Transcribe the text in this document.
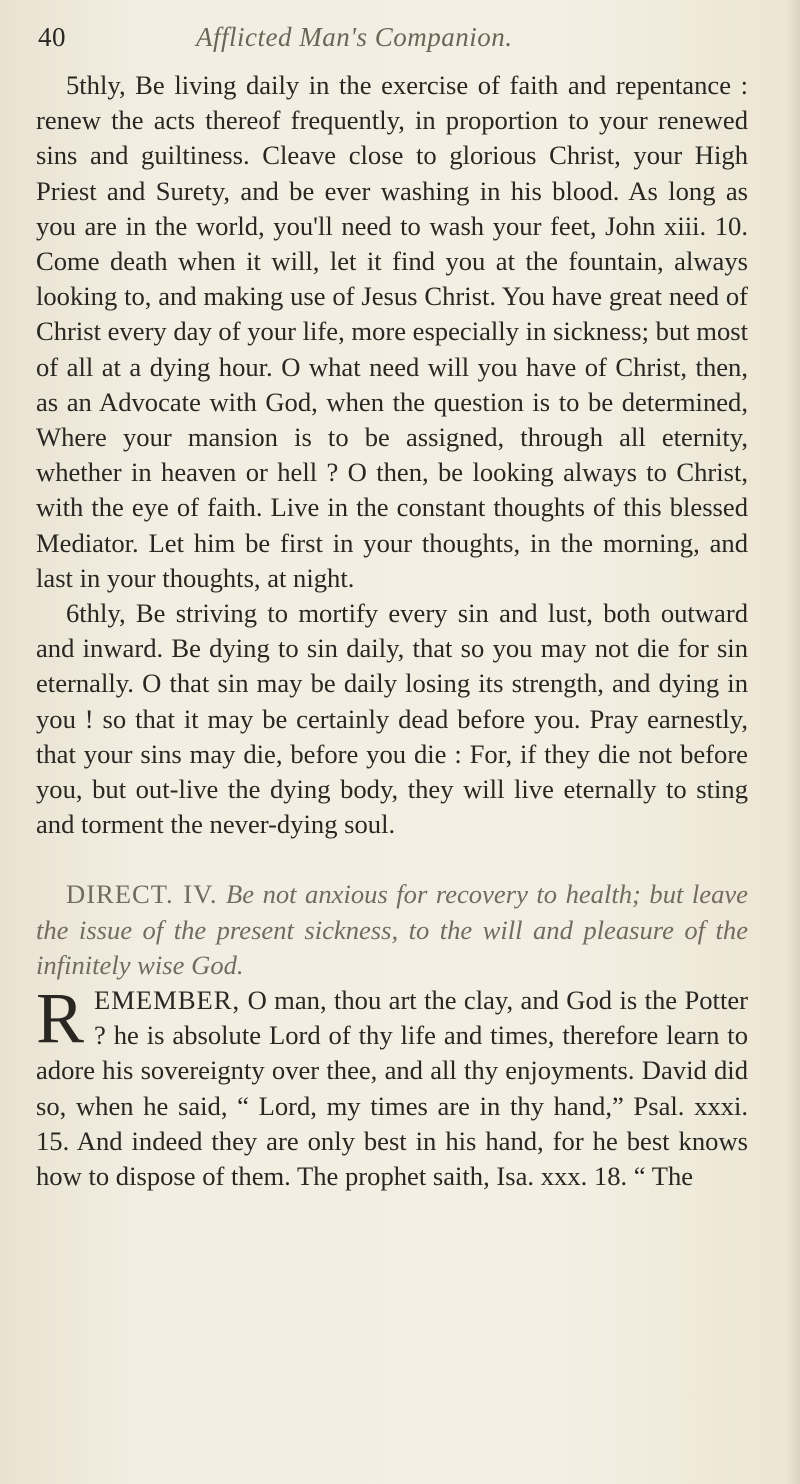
40	Afflicted Man's Companion.

5thly, Be living daily in the exercise of faith and repentance : renew the acts thereof frequently, in proportion to your renewed sins and guiltiness. Cleave close to glorious Christ, your High Priest and Surety, and be ever washing in his blood. As long as you are in the world, you'll need to wash your feet, John xiii. 10. Come death when it will, let it find you at the fountain, always looking to, and making use of Jesus Christ. You have great need of Christ every day of your life, more especially in sickness; but most of all at a dying hour. O what need will you have of Christ, then, as an Advocate with God, when the question is to be determined, Where your mansion is to be assigned, through all eternity, whether in heaven or hell ? O then, be looking always to Christ, with the eye of faith. Live in the constant thoughts of this blessed Mediator. Let him be first in your thoughts, in the morning, and last in your thoughts, at night.

6thly, Be striving to mortify every sin and lust, both outward and inward. Be dying to sin daily, that so you may not die for sin eternally. O that sin may be daily losing its strength, and dying in you ! so that it may be certainly dead before you. Pray earnestly, that your sins may die, before you die : For, if they die not before you, but out-live the dying body, they will live eternally to sting and torment the never-dying soul.

DIRECT. IV. Be not anxious for recovery to health; but leave the issue of the present sickness, to the will and pleasure of the infinitely wise God.

REMEMBER, O man, thou art the clay, and God is the Potter ? he is absolute Lord of thy life and times, therefore learn to adore his sovereignty over thee, and all thy enjoyments. David did so, when he said, “ Lord, my times are in thy hand,” Psal. xxxi. 15. And indeed they are only best in his hand, for he best knows how to dispose of them. The prophet saith, Isa. xxx. 18. “ The
